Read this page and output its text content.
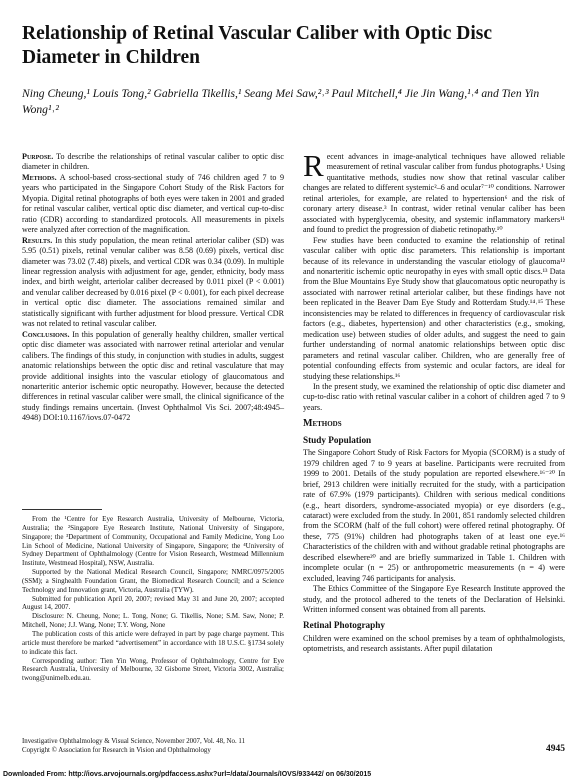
Relationship of Retinal Vascular Caliber with Optic Disc Diameter in Children
Ning Cheung,¹ Louis Tong,² Gabriella Tikellis,¹ Seang Mei Saw,²˒³ Paul Mitchell,⁴ Jie Jin Wang,¹˒⁴ and Tien Yin Wong¹˒²

Purpose. To describe the relationships of retinal vascular caliber to optic disc diameter in children.

Methods. A school-based cross-sectional study of 746 children aged 7 to 9 years who participated in the Singapore Cohort Study of the Risk Factors for Myopia. Digital retinal photographs of both eyes were taken in 2001 and graded for retinal vascular caliber, vertical optic disc diameter, and vertical cup-to-disc ratio (CDR) according to standardized protocols. All measurements in pixels were analyzed after correction of the magnification.

Results. In this study population, the mean retinal arteriolar caliber (SD) was 5.95 (0.51) pixels, retinal venular caliber was 8.58 (0.69) pixels, vertical disc diameter was 73.02 (7.48) pixels, and vertical CDR was 0.34 (0.09). In multiple linear regression analysis with adjustment for age, gender, ethnicity, body mass index, and birth weight, arteriolar caliber decreased by 0.011 pixel (P < 0.001) and venular caliber decreased by 0.016 pixel (P < 0.001), for each pixel decrease in vertical optic disc diameter. The associations remained similar and statistically significant with further adjustment for blood pressure. Vertical CDR was not related to retinal vascular caliber.

Conclusions. In this population of generally healthy children, smaller vertical optic disc diameter was associated with narrower retinal arteriolar and venular calibers. The findings of this study, in conjunction with studies in adults, suggest anatomic relationships between the optic disc and retinal vasculature that may provide additional insights into the vascular etiology of glaucomatous and nonarteritic anterior ischemic optic neuropathy. However, because the detected differences in retinal vascular caliber were small, the clinical significance of the study findings remains uncertain. (Invest Ophthalmol Vis Sci. 2007;48:4945–4948) DOI:10.1167/iovs.07-0472

From the ¹Centre for Eye Research Australia, University of Melbourne, Victoria, Australia; the ²Singapore Eye Research Institute, National University of Singapore, Singapore; the ³Department of Community, Occupational and Family Medicine, Yong Loo Lin School of Medicine, National University of Singapore, Singapore; the ⁴University of Sydney Department of Ophthalmology (Centre for Vision Research, Westmead Millennium Institute, Westmead Hospital), NSW, Australia.

Supported by the National Medical Research Council, Singapore; NMRC/0975/2005 (SSM); a Singhealth Foundation Grant, the Biomedical Research Council; and a Science Technology and Innovation grant, Victoria, Australia (TYW).

Submitted for publication April 20, 2007; revised May 31 and June 20, 2007; accepted August 14, 2007.

Disclosure: N. Cheung, None; L. Tong, None; G. Tikellis, None; S.M. Saw, None; P. Mitchell, None; J.J. Wang, None; T.Y. Wong, None

The publication costs of this article were defrayed in part by page charge payment. This article must therefore be marked “advertisement” in accordance with 18 U.S.C. §1734 solely to indicate this fact.

Corresponding author: Tien Yin Wong, Professor of Ophthalmology, Centre for Eye Research Australia, University of Melbourne, 32 Gisborne Street, Victoria 3002, Australia; twong@unimelb.edu.au.

Recent advances in image-analytical techniques have allowed reliable measurement of retinal vascular caliber from fundus photographs.¹ Using quantitative methods, studies now show that retinal vascular caliber changes are related to different systemic²–6 and ocular⁷⁻¹⁰ conditions. Narrower retinal arterioles, for example, are related to hypertension⁶ and the risk of coronary artery disease.³ In contrast, wider retinal venular caliber has been associated with hyperglycemia, obesity, and systemic inflammatory markers¹¹ and found to predict the progression of diabetic retinopathy.¹⁰

Few studies have been conducted to examine the relationship of retinal vascular caliber with optic disc parameters. This relationship is important because of its relevance in understanding the vascular etiology of glaucoma¹² and nonarteritic ischemic optic neuropathy in eyes with small optic discs.¹³ Data from the Blue Mountains Eye Study show that glaucomatous optic neuropathy is associated with narrower retinal arteriolar caliber, but these findings have not been replicated in the Beaver Dam Eye Study and Rotterdam Study.¹⁴˒¹⁵ These inconsistencies may be related to differences in frequency of cardiovascular risk factors (e.g., diabetes, hypertension) and other characteristics (e.g., smoking, medication use) between studies of older adults, and suggest the need to gain further understanding of normal anatomic relationships between optic disc parameters and retinal vascular caliber. Children, who are generally free of potential confounding effects from systemic and ocular factors, are ideal for studying these relationships.¹⁶

In the present study, we examined the relationship of optic disc diameter and cup-to-disc ratio with retinal vascular caliber in a cohort of children aged 7 to 9 years.

Methods
Study Population

The Singapore Cohort Study of Risk Factors for Myopia (SCORM) is a study of 1979 children aged 7 to 9 years at baseline. Participants were recruited from 1999 to 2001. Details of the study population are reported elsewhere.¹⁶⁻²⁰ In brief, 2913 children were initially recruited for the study, with a participation rate of 67.9% (1979 participants). Children with serious medical conditions (e.g., heart disorders, syndrome-associated myopia) or eye disorders (e.g., cataract) were excluded from the study. In 2001, 851 randomly selected children from the SCORM (half of the full cohort) were offered retinal photography. Of these, 775 (91%) children had photographs taken of at least one eye.¹⁶ Characteristics of the children with and without gradable retinal photographs are described elsewhere²⁰ and are briefly summarized in Table 1. Children with incomplete ocular (n = 25) or anthropometric measurements (n = 4) were excluded, leaving 746 participants for analysis.

The Ethics Committee of the Singapore Eye Research Institute approved the study, and the protocol adhered to the tenets of the Declaration of Helsinki. Written informed consent was obtained from all parents.

Retinal Photography

Children were examined on the school premises by a team of ophthalmologists, optometrists, and research assistants. After pupil dilatation

Investigative Ophthalmology & Visual Science, November 2007, Vol. 48, No. 11
Copyright © Association for Research in Vision and Ophthalmology	4945
Downloaded From: http://iovs.arvojournals.org/pdfaccess.ashx?url=/data/Journals/IOVS/933442/ on 06/30/2015
